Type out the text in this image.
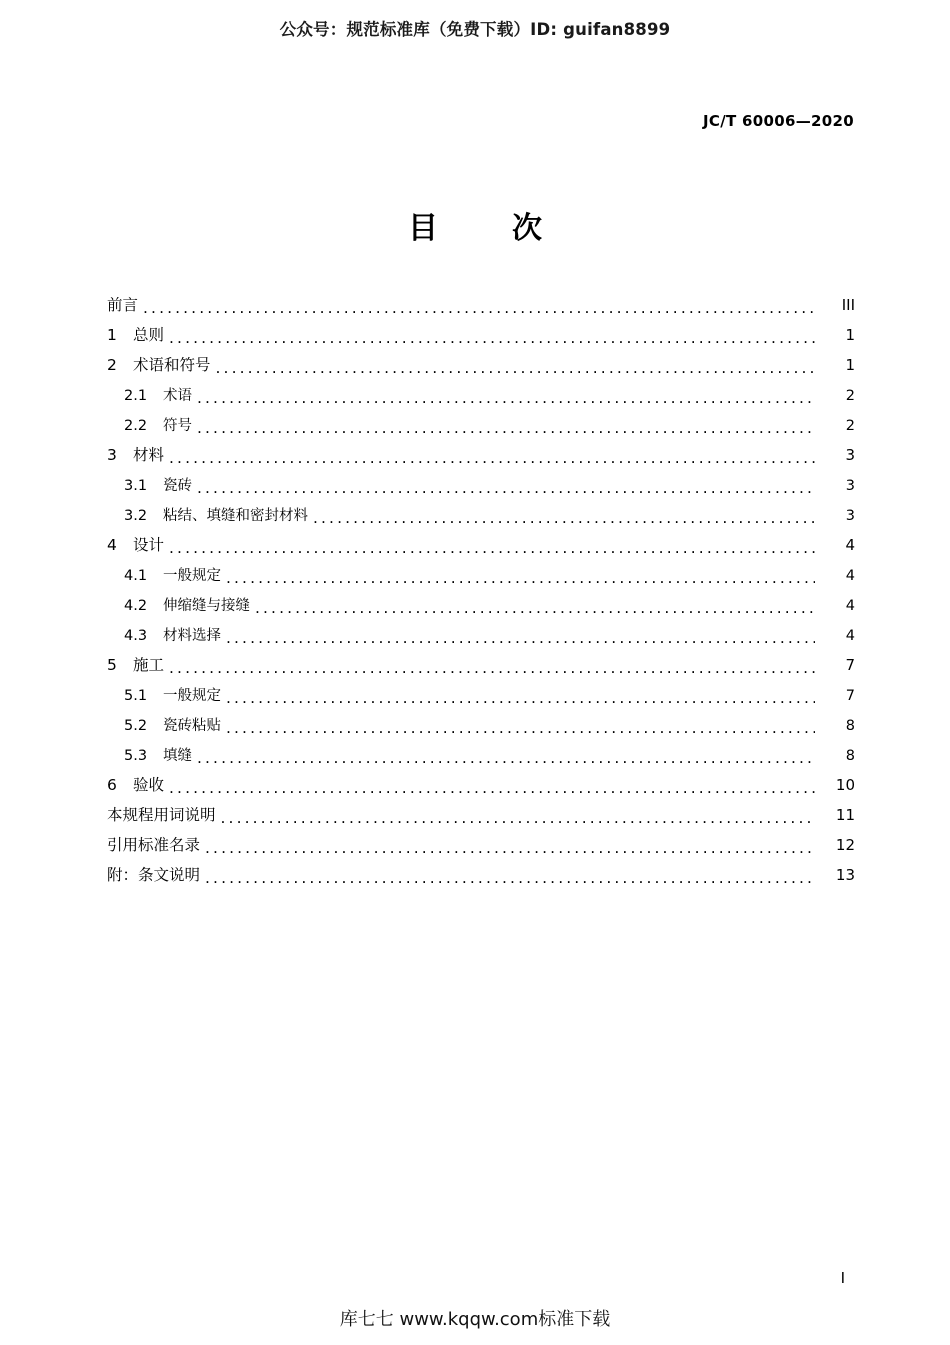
公众号：规范标准库（免费下载）ID: guifan8899
JC/T 60006—2020
目　次
前言 .....	III
1 总则 .....	1
2 术语和符号 .....	1
2.1 术语 .....	2
2.2 符号 .....	2
3 材料 .....	3
3.1 瓷砖 .....	3
3.2 粘结、填缝和密封材料 .....	3
4 设计 .....	4
4.1 一般规定 .....	4
4.2 伸缩缝与接缝 .....	4
4.3 材料选择 .....	4
5 施工 .....	7
5.1 一般规定 .....	7
5.2 瓷砖粘贴 .....	8
5.3 填缝 .....	8
6 验收 .....	10
本规程用词说明 .....	11
引用标准名录 .....	12
附：条文说明 .....	13
I
库七七 www.kqqw.com标准下载
